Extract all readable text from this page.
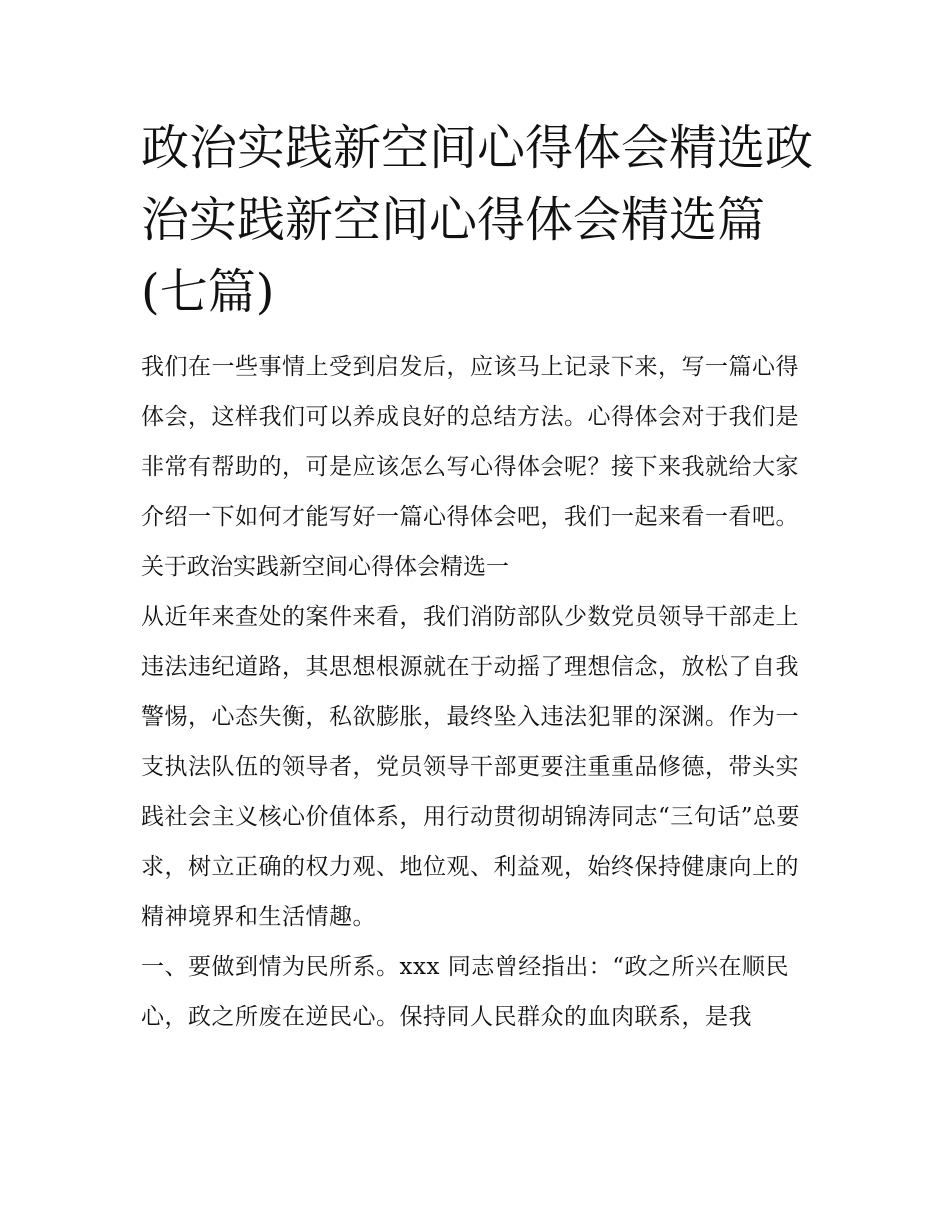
政治实践新空间心得体会精选政治实践新空间心得体会精选篇(七篇)

我们在一些事情上受到启发后，应该马上记录下来，写一篇心得体会，这样我们可以养成良好的总结方法。心得体会对于我们是非常有帮助的，可是应该怎么写心得体会呢？接下来我就给大家介绍一下如何才能写好一篇心得体会吧，我们一起来看一看吧。

关于政治实践新空间心得体会精选一

从近年来查处的案件来看，我们消防部队少数党员领导干部走上违法违纪道路，其思想根源就在于动摇了理想信念，放松了自我警惕，心态失衡，私欲膨胀，最终坠入违法犯罪的深渊。作为一支执法队伍的领导者，党员领导干部更要注重重品修德，带头实践社会主义核心价值体系，用行动贯彻胡锦涛同志“三句话”总要求，树立正确的权力观、地位观、利益观，始终保持健康向上的精神境界和生活情趣。

一、要做到情为民所系。xxx 同志曾经指出：“政之所兴在顺民心，政之所废在逆民心。保持同人民群众的血肉联系，是我
